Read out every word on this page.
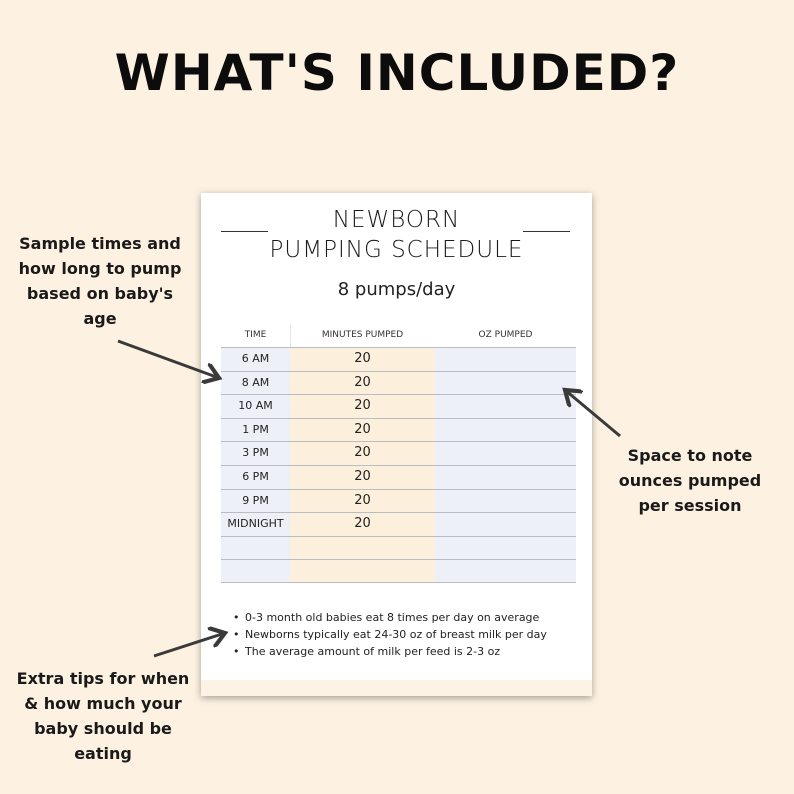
WHAT'S INCLUDED?
Sample times and
how long to pump
based on baby's
age
Space to note
ounces pumped
per session
Extra tips for when
& how much your
baby should be
eating
NEWBORN
PUMPING SCHEDULE
8 pumps/day
TIME	MINUTES PUMPED	OZ PUMPED
6 AM	20
8 AM	20
10 AM	20
1 PM	20
3 PM	20
6 PM	20
9 PM	20
MIDNIGHT	20
• 0-3 month old babies eat 8 times per day on average
• Newborns typically eat 24-30 oz of breast milk per day
• The average amount of milk per feed is 2-3 oz
